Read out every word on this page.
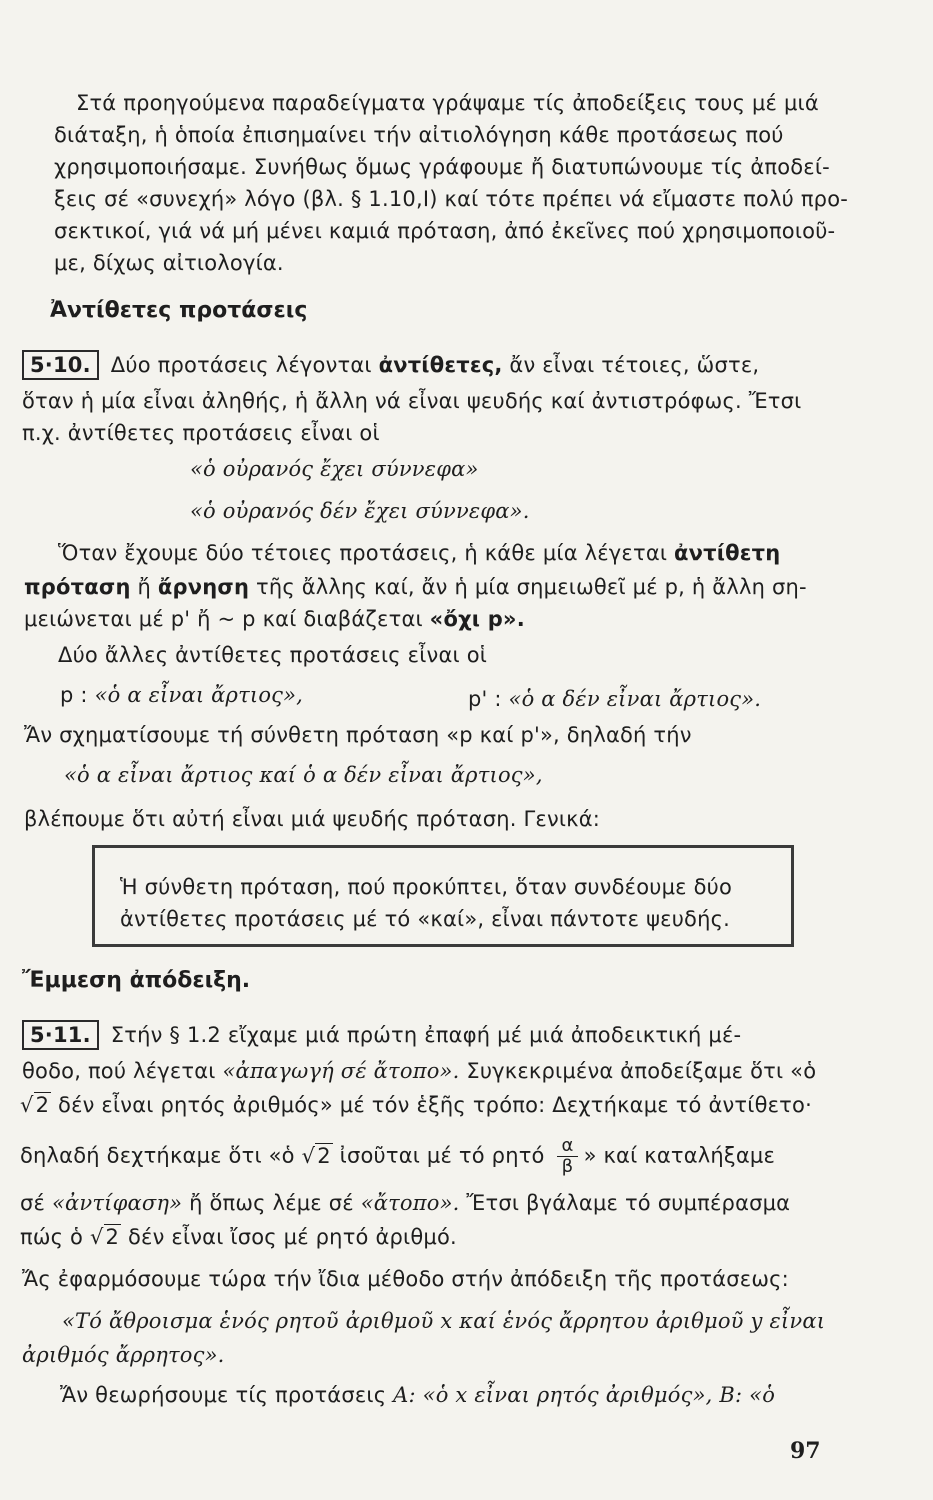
Στά προηγούμενα παραδείγματα γράψαμε τίς ἀποδείξεις τους μέ μιά
διάταξη, ἡ ὁποία ἐπισημαίνει τήν αἰτιολόγηση κάθε προτάσεως πού
χρησιμοποιήσαμε. Συνήθως ὅμως γράφουμε ἤ διατυπώνουμε τίς ἀποδεί-
ξεις σέ «συνεχή» λόγο (βλ. § 1.10,Ι) καί τότε πρέπει νά εἴμαστε πολύ προ-
σεκτικοί, γιά νά μή μένει καμιά πρόταση, ἀπό ἐκεῖνες πού χρησιμοποιοῦ-
με, δίχως αἰτιολογία.
Ἀντίθετες προτάσεις
5·10. Δύο προτάσεις λέγονται ἀντίθετες, ἄν εἶναι τέτοιες, ὥστε,
ὅταν ἡ μία εἶναι ἀληθής, ἡ ἄλλη νά εἶναι ψευδής καί ἀντιστρόφως. Ἔτσι
π.χ. ἀντίθετες προτάσεις εἶναι οἱ
«ὁ οὐρανός ἔχει σύννεφα»
«ὁ οὐρανός δέν ἔχει σύννεφα».
Ὅταν ἔχουμε δύο τέτοιες προτάσεις, ἡ κάθε μία λέγεται ἀντίθετη
πρόταση ἤ ἄρνηση τῆς ἄλλης καί, ἄν ἡ μία σημειωθεῖ μέ p, ἡ ἄλλη ση-
μειώνεται μέ p' ἤ ~ p καί διαβάζεται «ὄχι p».
Δύο ἄλλες ἀντίθετες προτάσεις εἶναι οἱ
p : «ὁ α εἶναι ἄρτιος»,	p' : «ὁ α δέν εἶναι ἄρτιος».
Ἄν σχηματίσουμε τή σύνθετη πρόταση «p καί p'», δηλαδή τήν
«ὁ α εἶναι ἄρτιος καί ὁ α δέν εἶναι ἄρτιος»,
βλέπουμε ὅτι αὐτή εἶναι μιά ψευδής πρόταση. Γενικά:
Ἡ σύνθετη πρόταση, πού προκύπτει, ὅταν συνδέουμε δύο
ἀντίθετες προτάσεις μέ τό «καί», εἶναι πάντοτε ψευδής.
Ἔμμεση ἀπόδειξη.
5·11. Στήν § 1.2 εἴχαμε μιά πρώτη ἐπαφή μέ μιά ἀποδεικτική μέ-
θοδο, πού λέγεται «ἀπαγωγή σέ ἄτοπο». Συγκεκριμένα ἀποδείξαμε ὅτι «ὁ
√2 δέν εἶναι ρητός ἀριθμός» μέ τόν ἑξῆς τρόπο: Δεχτήκαμε τό ἀντίθετο·
δηλαδή δεχτήκαμε ὅτι «ὁ √2 ἰσοῦται μέ τό ρητό $\frac{\alpha}{\beta}$ » καί καταλήξαμε
σέ «ἀντίφαση» ἤ ὅπως λέμε σέ «ἄτοπο». Ἔτσι βγάλαμε τό συμπέρασμα
πώς ὁ √2 δέν εἶναι ἴσος μέ ρητό ἀριθμό.
Ἄς ἐφαρμόσουμε τώρα τήν ἴδια μέθοδο στήν ἀπόδειξη τῆς προτάσεως:
«Τό ἄθροισμα ἑνός ρητοῦ ἀριθμοῦ x καί ἑνός ἄρρητου ἀριθμοῦ y εἶναι
ἀριθμός ἄρρητος».
Ἄν θεωρήσουμε τίς προτάσεις A: «ὁ x εἶναι ρητός ἀριθμός», B: «ὁ
97
